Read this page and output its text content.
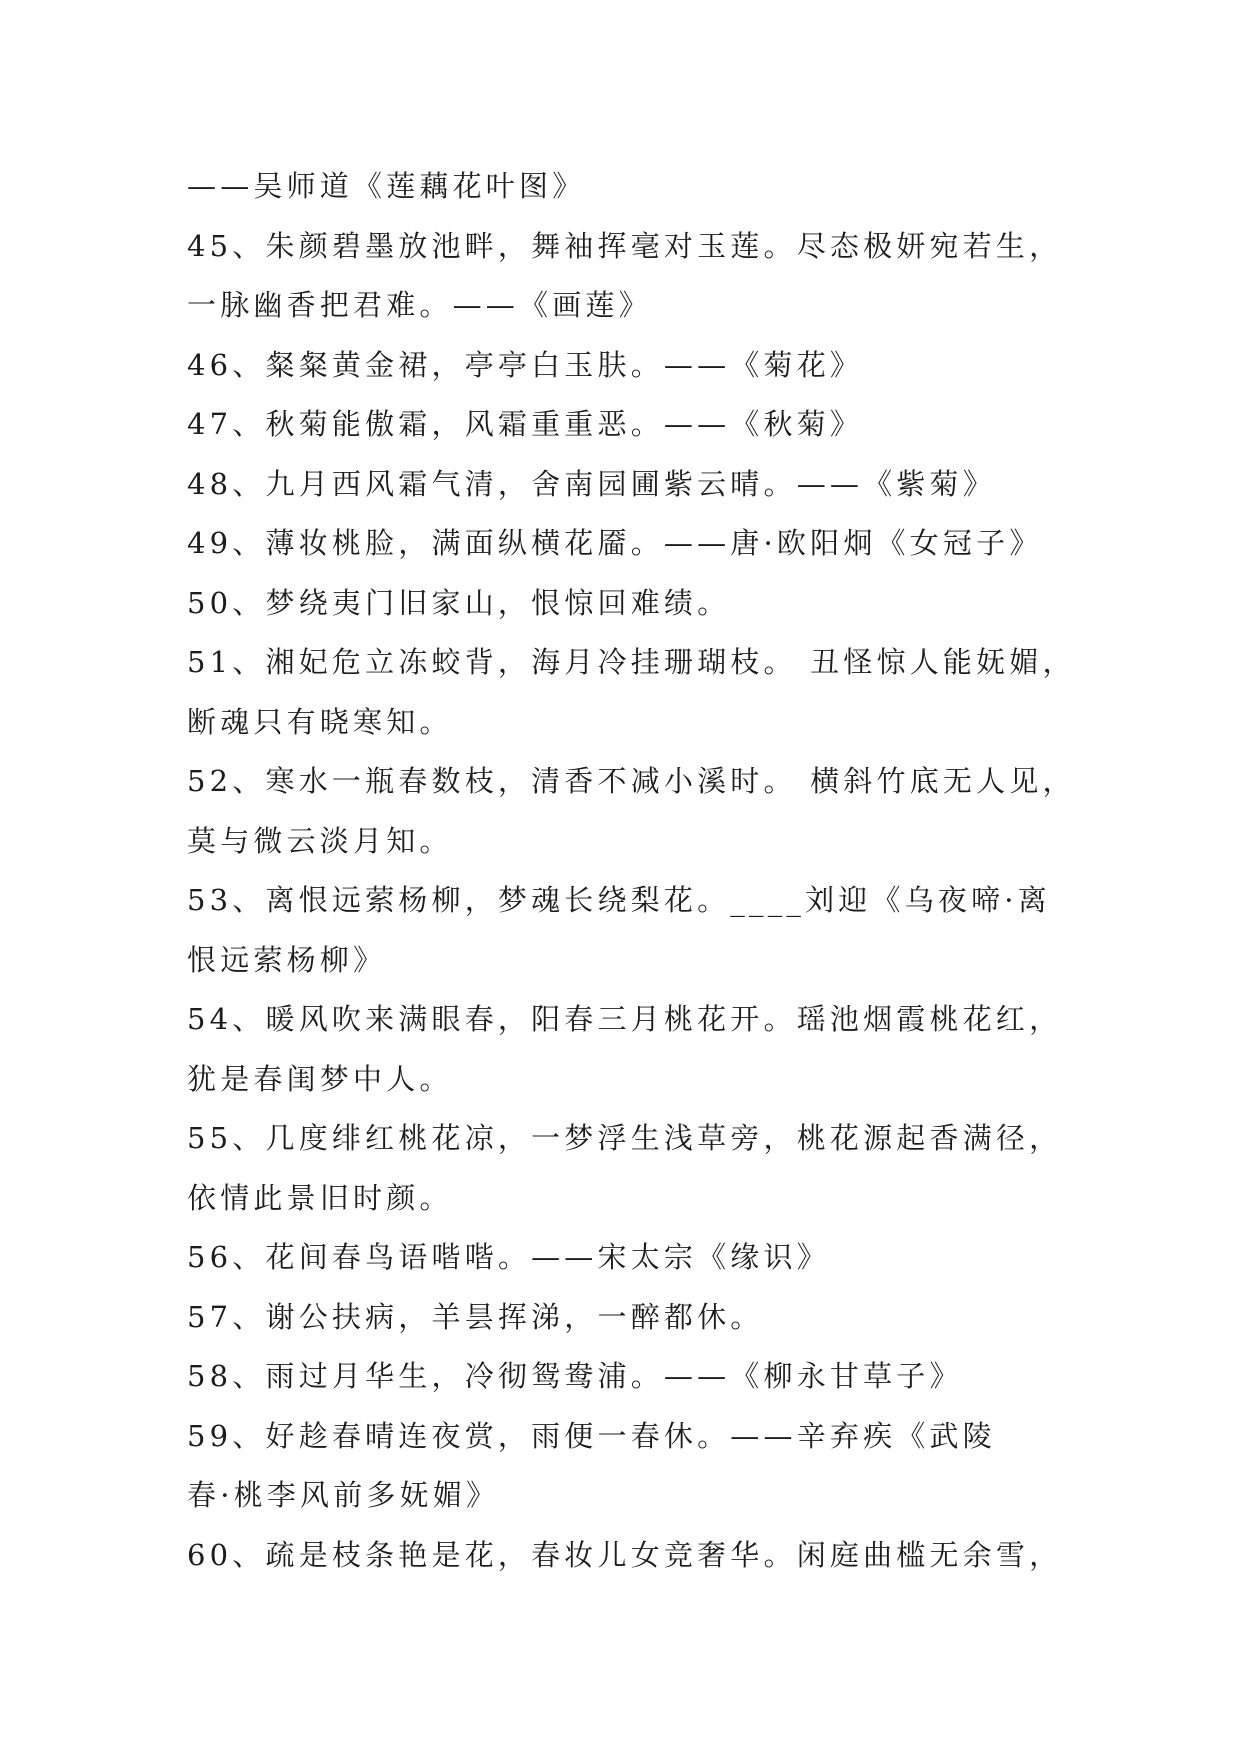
——吴师道《莲藕花叶图》
45、朱颜碧墨放池畔，舞袖挥毫对玉莲。尽态极妍宛若生，
一脉幽香把君难。——《画莲》
46、粲粲黄金裙，亭亭白玉肤。——《菊花》
47、秋菊能傲霜，风霜重重恶。——《秋菊》
48、九月西风霜气清，舍南园圃紫云晴。——《紫菊》
49、薄妆桃脸，满面纵横花靥。——唐·欧阳炯《女冠子》
50、梦绕夷门旧家山，恨惊回难绩。
51、湘妃危立冻蛟背，海月冷挂珊瑚枝。 丑怪惊人能妩媚，
断魂只有晓寒知。
52、寒水一瓶春数枝，清香不减小溪时。 横斜竹底无人见，
莫与微云淡月知。
53、离恨远萦杨柳，梦魂长绕梨花。____刘迎《乌夜啼·离
恨远萦杨柳》
54、暖风吹来满眼春，阳春三月桃花开。瑶池烟霞桃花红，
犹是春闺梦中人。
55、几度绯红桃花凉，一梦浮生浅草旁，桃花源起香满径，
依情此景旧时颜。
56、花间春鸟语喈喈。——宋太宗《缘识》
57、谢公扶病，羊昙挥涕，一醉都休。
58、雨过月华生，冷彻鸳鸯浦。——《柳永甘草子》
59、好趁春晴连夜赏，雨便一春休。——辛弃疾《武陵
春·桃李风前多妩媚》
60、疏是枝条艳是花，春妆儿女竞奢华。闲庭曲槛无余雪，
